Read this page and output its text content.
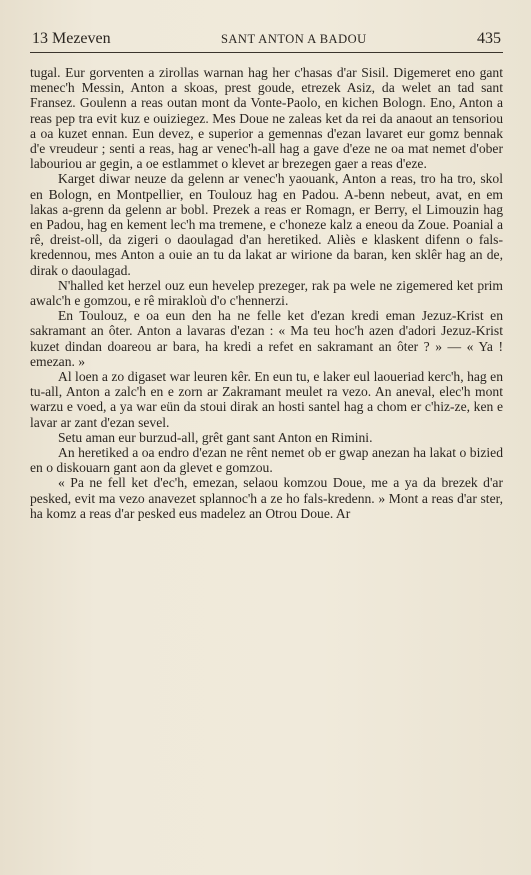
13 Mezeven	SANT ANTON A BADOU	435

tugal. Eur gorventen a zirollas warnan hag her c'hasas d'ar Sisil. Digemeret eno gant menec'h Messin, Anton a skoas, prest goude, etrezek Asiz, da welet an tad sant Fransez. Goulenn a reas outan mont da Vonte-Paolo, en kichen Bologn. Eno, Anton a reas pep tra evit kuz e ouiziegez. Mes Doue ne zaleas ket da rei da anaout an tensoriou a oa kuzet ennan. Eun devez, e superior a gemennas d'ezan lavaret eur gomz bennak d'e vreudeur ; senti a reas, hag ar venec'h-all hag a gave d'eze ne oa mat nemet d'ober labouriou ar gegin, a oe estlammet o klevet ar brezegen gaer a reas d'eze.

Karget diwar neuze da gelenn ar venec'h yaouank, Anton a reas, tro ha tro, skol en Bologn, en Montpellier, en Toulouz hag en Padou. A-benn nebeut, avat, en em lakas a-grenn da gelenn ar bobl. Prezek a reas er Romagn, er Berry, el Limouzin hag en Padou, hag en kement lec'h ma tremene, e c'honeze kalz a eneou da Zoue. Poanial a rê, dreist-oll, da zigeri o daoulagad d'an heretiked. Aliès e klaskent difenn o fals-kredennou, mes Anton a ouie an tu da lakat ar wirione da baran, ken sklêr hag an de, dirak o daoulagad.

N'halled ket herzel ouz eun hevelep prezeger, rak pa wele ne zigemered ket prim awalc'h e gomzou, e rê mirakloù d'o c'hennerzi.

En Toulouz, e oa eun den ha ne felle ket d'ezan kredi eman Jezuz-Krist en sakramant an ôter. Anton a lavaras d'ezan : « Ma teu hoc'h azen d'adori Jezuz-Krist kuzet dindan doareou ar bara, ha kredi a refet en sakramant an ôter ? » — « Ya ! emezan. »

Al loen a zo digaset war leuren kêr. En eun tu, e laker eul laoueriad kerc'h, hag en tu-all, Anton a zalc'h en e zorn ar Zakramant meulet ra vezo. An aneval, elec'h mont warzu e voed, a ya war eün da stoui dirak an hosti santel hag a chom er c'hiz-ze, ken e lavar ar zant d'ezan sevel.

Setu aman eur burzud-all, grêt gant sant Anton en Rimini.

An heretiked a oa endro d'ezan ne rênt nemet ob er gwap anezan ha lakat o bizied en o diskouarn gant aon da glevet e gomzou.

« Pa ne fell ket d'ec'h, emezan, selaou komzou Doue, me a ya da brezek d'ar pesked, evit ma vezo anavezet splannoc'h a ze ho fals-kredenn. » Mont a reas d'ar ster, ha komz a reas d'ar pesked eus madelez an Otrou Doue. Ar
